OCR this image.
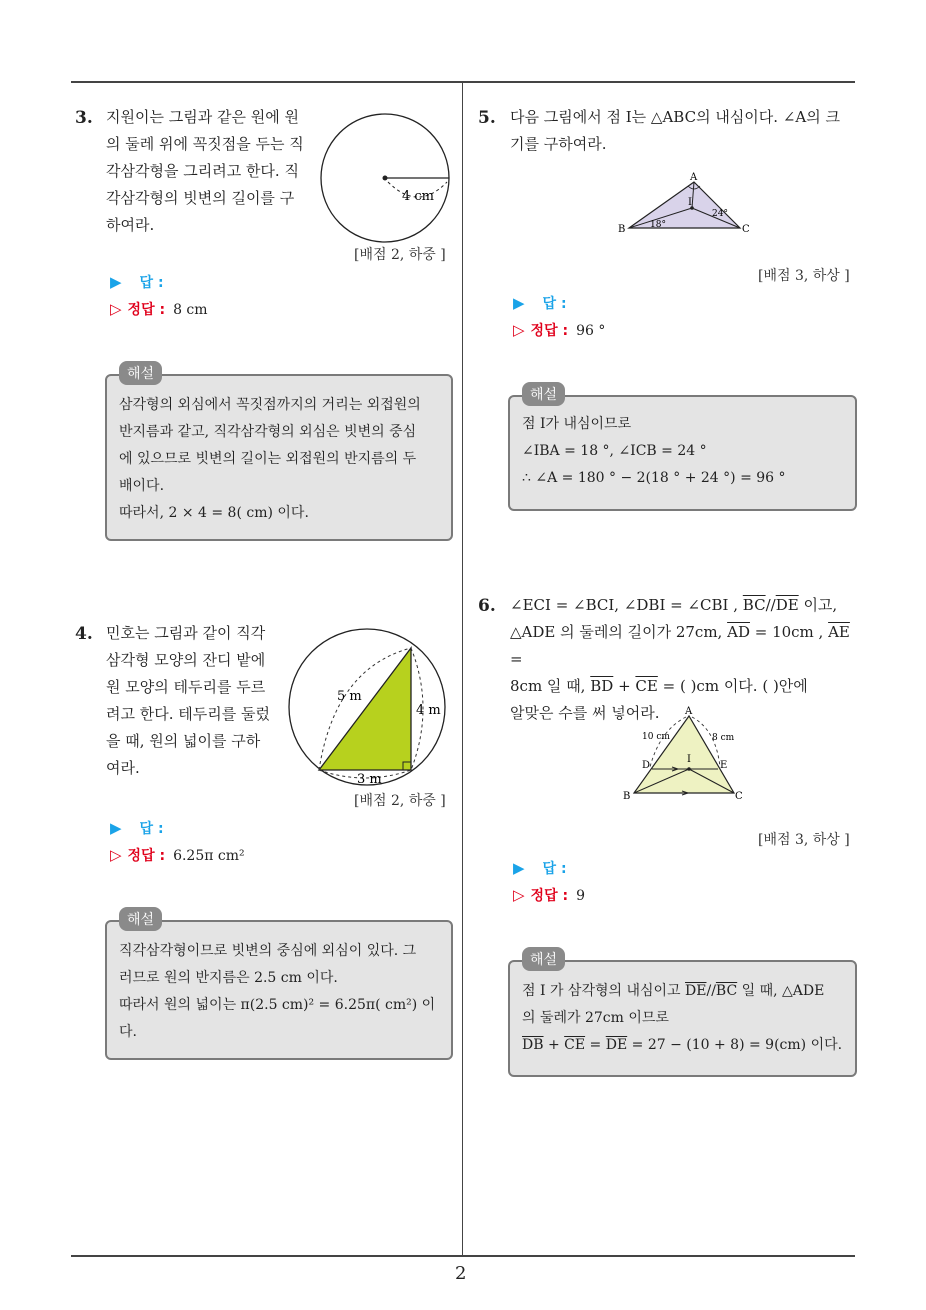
2
3. 지원이는 그림과 같은 원에 원
의 둘레 위에 꼭짓점을 두는 직
각삼각형을 그리려고 한다. 직
각삼각형의 빗변의 길이를 구
하여라.
4 cm
[배점 2, 하중 ]
▶ 답 :
▷ 정답 : 8 cm
삼각형의 외심에서 꼭짓점까지의 거리는 외접원의
반지름과 같고, 직각삼각형의 외심은 빗변의 중심
에 있으므로 빗변의 길이는 외접원의 반지름의 두
배이다.
따라서, 2 × 4 = 8( cm) 이다.
해설
4. 민호는 그림과 같이 직각
삼각형 모양의 잔디 밭에
원 모양의 테두리를 두르
려고 한다. 테두리를 둘렀
을 때, 원의 넓이를 구하
여라.
5 m
4 m
3 m
[배점 2, 하중 ]
▶ 답 :
▷ 정답 : 6.25π cm²
직각삼각형이므로 빗변의 중심에 외심이 있다. 그
러므로 원의 반지름은 2.5 cm 이다.
따라서 원의 넓이는 π(2.5 cm)² = 6.25π( cm²) 이
다.
해설
5. 다음 그림에서 점 I는 △ABC의 내심이다. ∠A의 크
기를 구하여라.
A
B	C
I
18°
24°
[배점 3, 하상 ]
▶ 답 :
▷ 정답 : 96 °
점 I가 내심이므로
∠IBA = 18 °, ∠ICB = 24 °
∴ ∠A = 180 ° − 2(18 ° + 24 °) = 96 °
해설
6. ∠ECI = ∠BCI, ∠DBI = ∠CBI , $\overline{BC}//\overline{DE}$ 이고,
△ADE 의 둘레의 길이가 27cm, $\overline{AD} = 10cm$ , $\overline{AE}$ =
8cm 일 때, $\overline{BD} + \overline{CE}$ = ( )cm 이다. ( )안에
알맞은 수를 써 넣어라.	A
B	C
D	E
I
10 cm	8 cm
[배점 3, 하상 ]
▶ 답 :
▷ 정답 : 9
점 I 가 삼각형의 내심이고 $\overline{DE}//\overline{BC}$ 일 때, △ADE
의 둘레가 27cm 이므로
$\overline{DB} + \overline{CE} = \overline{DE} = 27 - (10 + 8) = 9(cm)$ 이다.
해설
